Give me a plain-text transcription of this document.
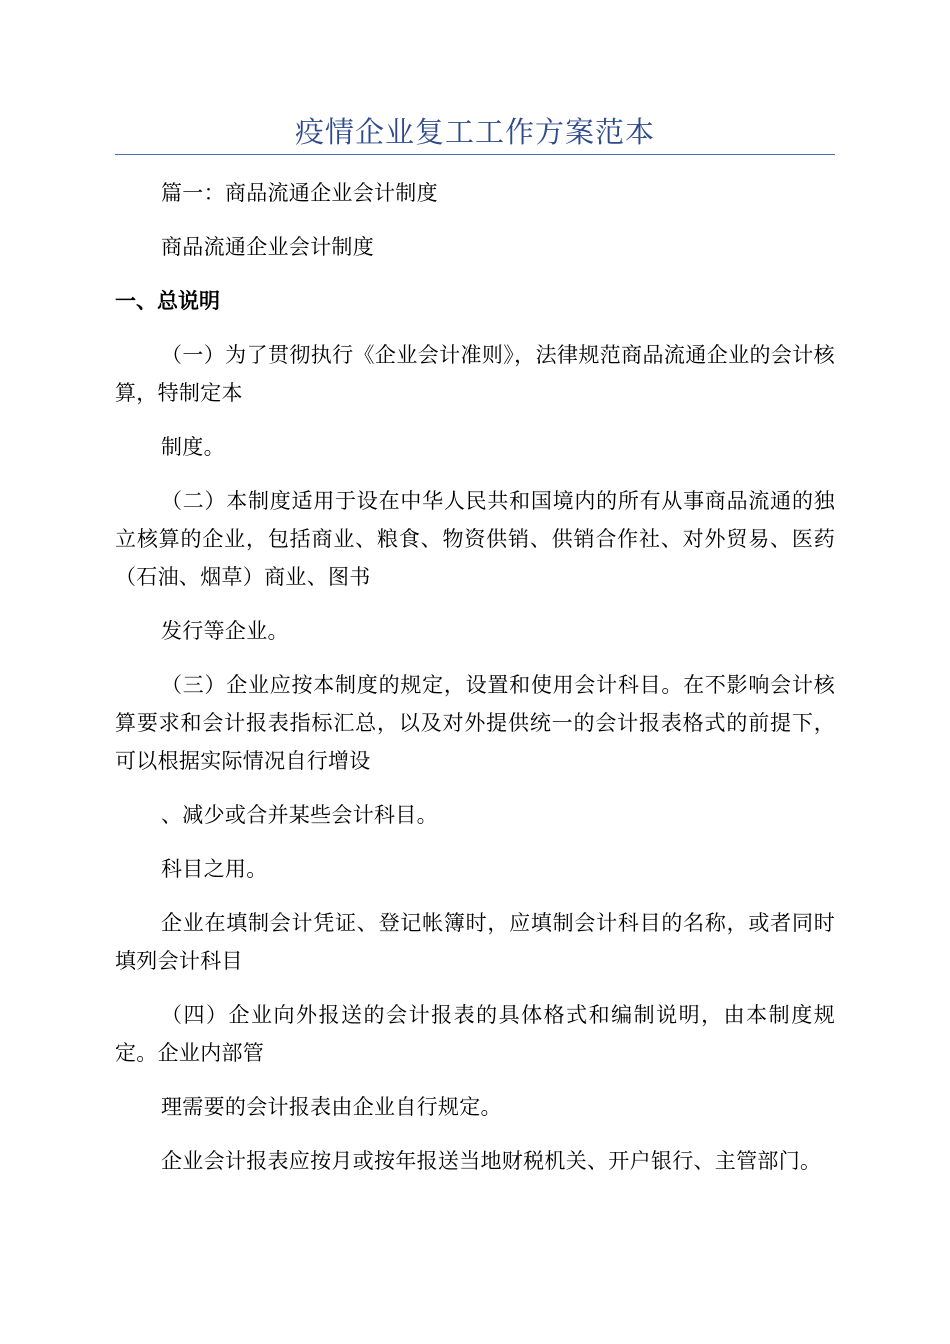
疫情企业复工工作方案范本
篇一：商品流通企业会计制度
商品流通企业会计制度
一、总说明
（一）为了贯彻执行《企业会计准则》，法律规范商品流通企业的会计核算，特制定本
制度。
（二）本制度适用于设在中华人民共和国境内的所有从事商品流通的独立核算的企业，包括商业、粮食、物资供销、供销合作社、对外贸易、医药（石油、烟草）商业、图书
发行等企业。
（三）企业应按本制度的规定，设置和使用会计科目。在不影响会计核算要求和会计报表指标汇总，以及对外提供统一的会计报表格式的前提下，可以根据实际情况自行增设
、减少或合并某些会计科目。
科目之用。
企业在填制会计凭证、登记帐簿时，应填制会计科目的名称，或者同时填列会计科目
（四）企业向外报送的会计报表的具体格式和编制说明，由本制度规定。企业内部管
理需要的会计报表由企业自行规定。
企业会计报表应按月或按年报送当地财税机关、开户银行、主管部门。
